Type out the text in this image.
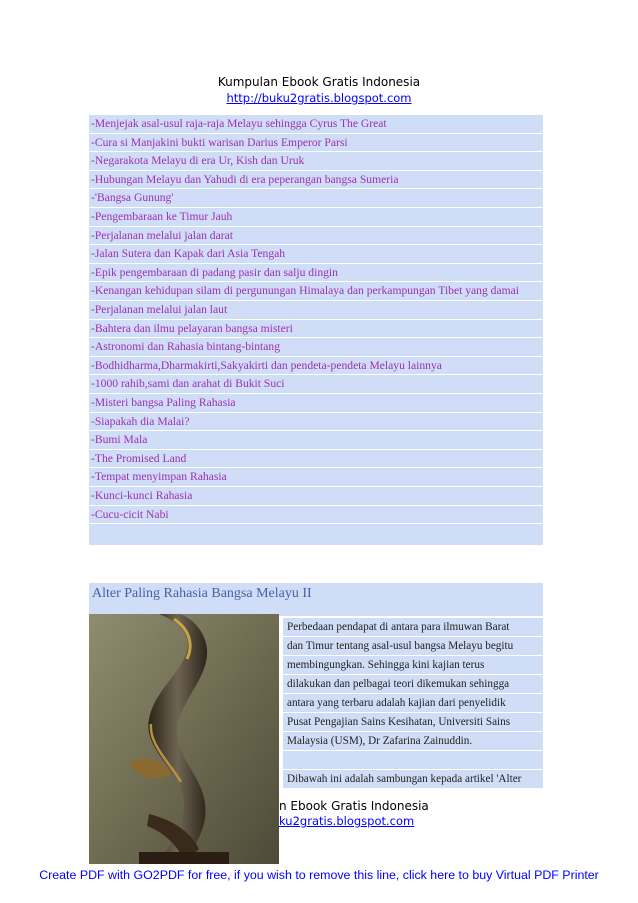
Kumpulan Ebook Gratis Indonesia
http://buku2gratis.blogspot.com
-Menjejak asal-usul raja-raja Melayu sehingga Cyrus The Great
-Cura si Manjakini bukti warisan Darius Emperor Parsi
-Negarakota Melayu di era Ur, Kish dan Uruk
-Hubungan Melayu dan Yahudi di era peperangan bangsa Sumeria
-'Bangsa Gunung'
-Pengembaraan ke Timur Jauh
-Perjalanan melalui jalan darat
-Jalan Sutera dan Kapak dari Asia Tengah
-Epik pengembaraan di padang pasir dan salju dingin
-Kenangan kehidupan silam di pergunungan Himalaya dan perkampungan Tibet yang damai
-Perjalanan melalui jalan laut
-Bahtera dan ilmu pelayaran bangsa misteri
-Astronomi dan Rahasia bintang-bintang
-Bodhidharma,Dharmakirti,Sakyakirti dan pendeta-pendeta Melayu lainnya
-1000 rahib,sami dan arahat di Bukit Suci
-Misteri bangsa Paling Rahasia
-Siapakah dia Malai?
-Bumi Mala
-The Promised Land
-Tempat menyimpan Rahasia
-Kunci-kunci Rahasia
-Cucu-cicit Nabi
Alter Paling Rahasia Bangsa Melayu II
Perbedaan pendapat di antara para ilmuwan Barat
dan Timur tentang asal-usul bangsa Melayu begitu
membingungkan. Sehingga kini kajian terus
dilakukan dan pelbagai teori dikemukan sehingga
antara yang terbaru adalah kajian dari penyelidik
Pusat Pengajian Sains Kesihatan, Universiti Sains
Malaysia (USM), Dr Zafarina Zainuddin.
Dibawah ini adalah sambungan kepada artikel 'Alter
n Ebook Gratis Indonesia
ku2gratis.blogspot.com
Create PDF with GO2PDF for free, if you wish to remove this line, click here to buy Virtual PDF Printer
